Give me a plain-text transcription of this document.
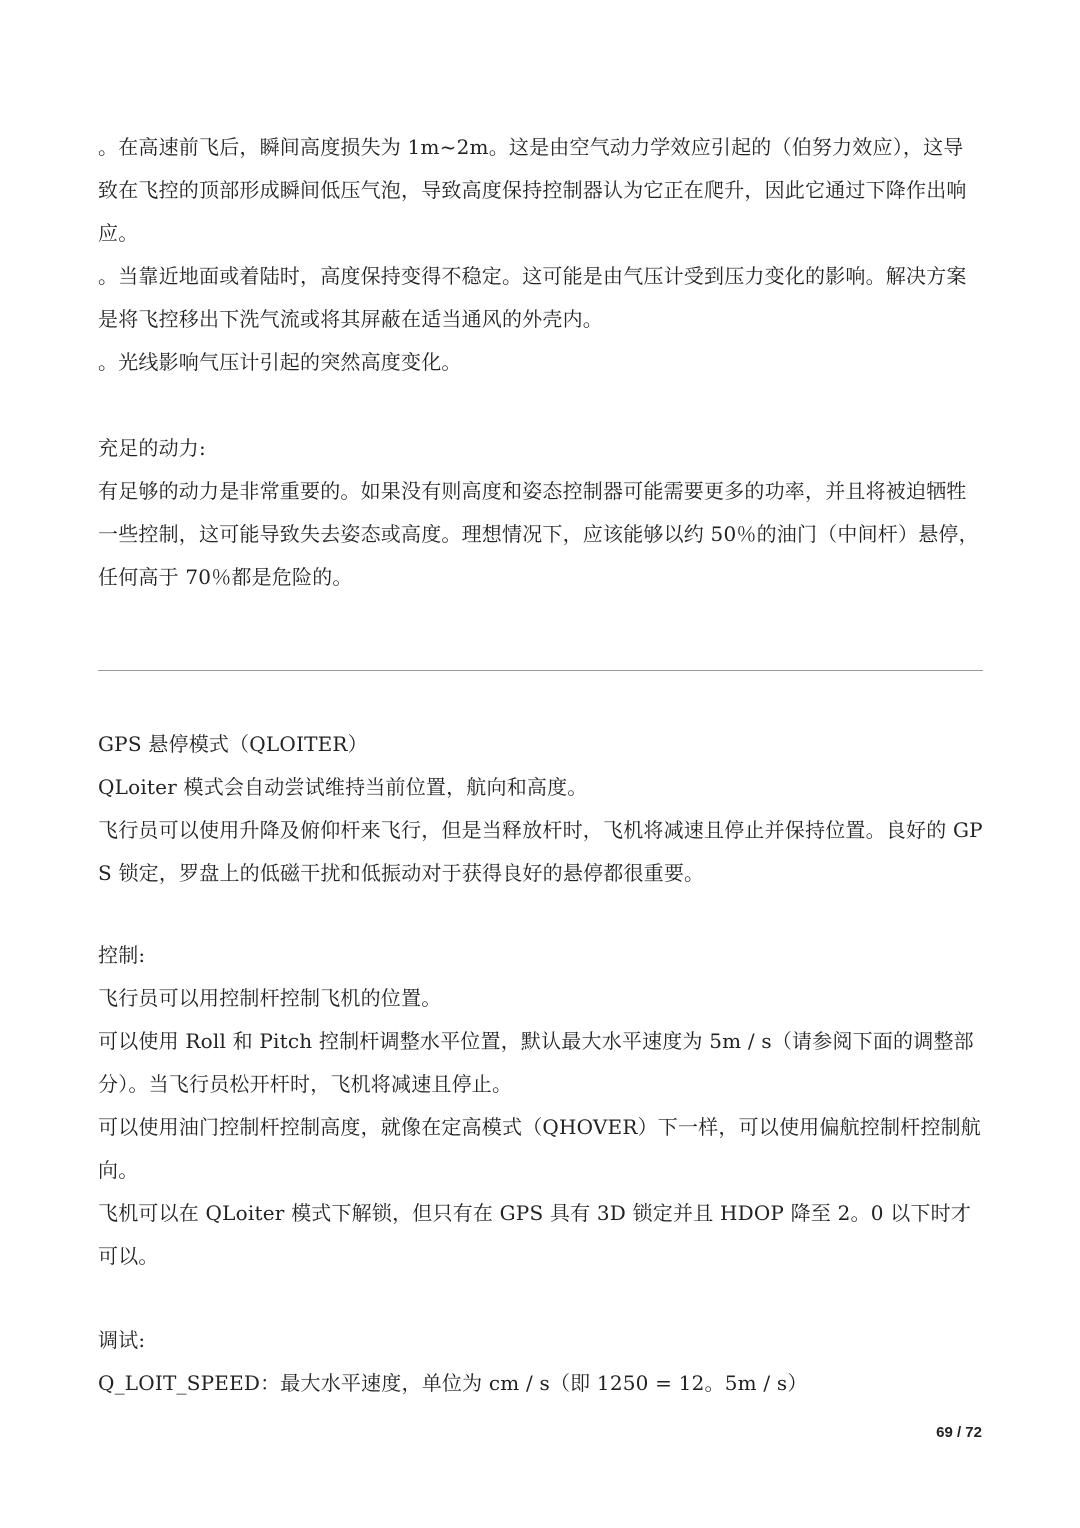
。在高速前飞后，瞬间高度损失为 1m~2m。这是由空气动力学效应引起的（伯努力效应），这导致在飞控的顶部形成瞬间低压气泡，导致高度保持控制器认为它正在爬升，因此它通过下降作出响应。

。当靠近地面或着陆时，高度保持变得不稳定。这可能是由气压计受到压力变化的影响。解决方案是将飞控移出下洗气流或将其屏蔽在适当通风的外壳内。

。光线影响气压计引起的突然高度变化。

充足的动力:

有足够的动力是非常重要的。如果没有则高度和姿态控制器可能需要更多的功率，并且将被迫牺牲一些控制，这可能导致失去姿态或高度。理想情况下，应该能够以约 50％的油门（中间杆）悬停，任何高于 70％都是危险的。

GPS 悬停模式（QLOITER）

QLoiter 模式会自动尝试维持当前位置，航向和高度。

飞行员可以使用升降及俯仰杆来飞行，但是当释放杆时，飞机将减速且停止并保持位置。良好的 GPS 锁定，罗盘上的低磁干扰和低振动对于获得良好的悬停都很重要。

控制:

飞行员可以用控制杆控制飞机的位置。

可以使用 Roll 和 Pitch 控制杆调整水平位置，默认最大水平速度为 5m / s（请参阅下面的调整部分）。当飞行员松开杆时，飞机将减速且停止。

可以使用油门控制杆控制高度，就像在定高模式（QHOVER）下一样，可以使用偏航控制杆控制航向。

飞机可以在 QLoiter 模式下解锁，但只有在 GPS 具有 3D 锁定并且 HDOP 降至 2。0 以下时才可以。

调试:

Q_LOIT_SPEED：最大水平速度，单位为 cm / s（即 1250 = 12。5m / s）

69 / 72
